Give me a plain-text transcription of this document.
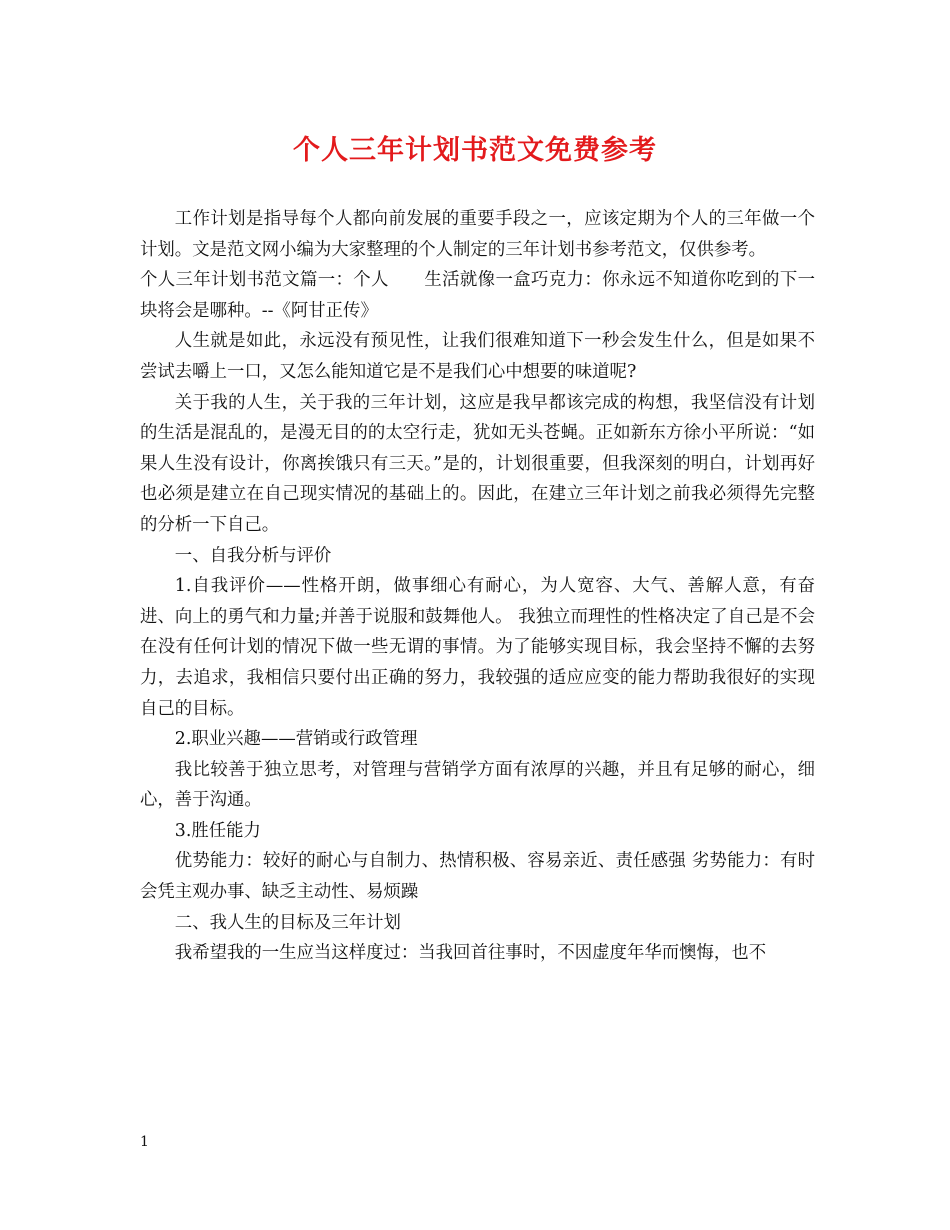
个人三年计划书范文免费参考

工作计划是指导每个人都向前发展的重要手段之一，应该定期为个人的三年做一个计划。文是范文网小编为大家整理的个人制定的三年计划书参考范文，仅供参考。

个人三年计划书范文篇一：个人　　生活就像一盒巧克力：你永远不知道你吃到的下一块将会是哪种。--《阿甘正传》

人生就是如此，永远没有预见性，让我们很难知道下一秒会发生什么，但是如果不尝试去嚼上一口，又怎么能知道它是不是我们心中想要的味道呢?

关于我的人生，关于我的三年计划，这应是我早都该完成的构想，我坚信没有计划的生活是混乱的，是漫无目的的太空行走，犹如无头苍蝇。正如新东方徐小平所说：“如果人生没有设计，你离挨饿只有三天。”是的，计划很重要，但我深刻的明白，计划再好也必须是建立在自己现实情况的基础上的。因此，在建立三年计划之前我必须得先完整的分析一下自己。

一、自我分析与评价

1.自我评价——性格开朗，做事细心有耐心，为人宽容、大气、善解人意，有奋进、向上的勇气和力量;并善于说服和鼓舞他人。 我独立而理性的性格决定了自己是不会在没有任何计划的情况下做一些无谓的事情。为了能够实现目标，我会坚持不懈的去努力，去追求，我相信只要付出正确的努力，我较强的适应应变的能力帮助我很好的实现自己的目标。

2.职业兴趣——营销或行政管理

我比较善于独立思考，对管理与营销学方面有浓厚的兴趣，并且有足够的耐心，细心，善于沟通。

3.胜任能力

优势能力：较好的耐心与自制力、热情积极、容易亲近、责任感强 劣势能力：有时会凭主观办事、缺乏主动性、易烦躁

二、我人生的目标及三年计划

我希望我的一生应当这样度过：当我回首往事时，不因虚度年华而懊悔，也不

1
